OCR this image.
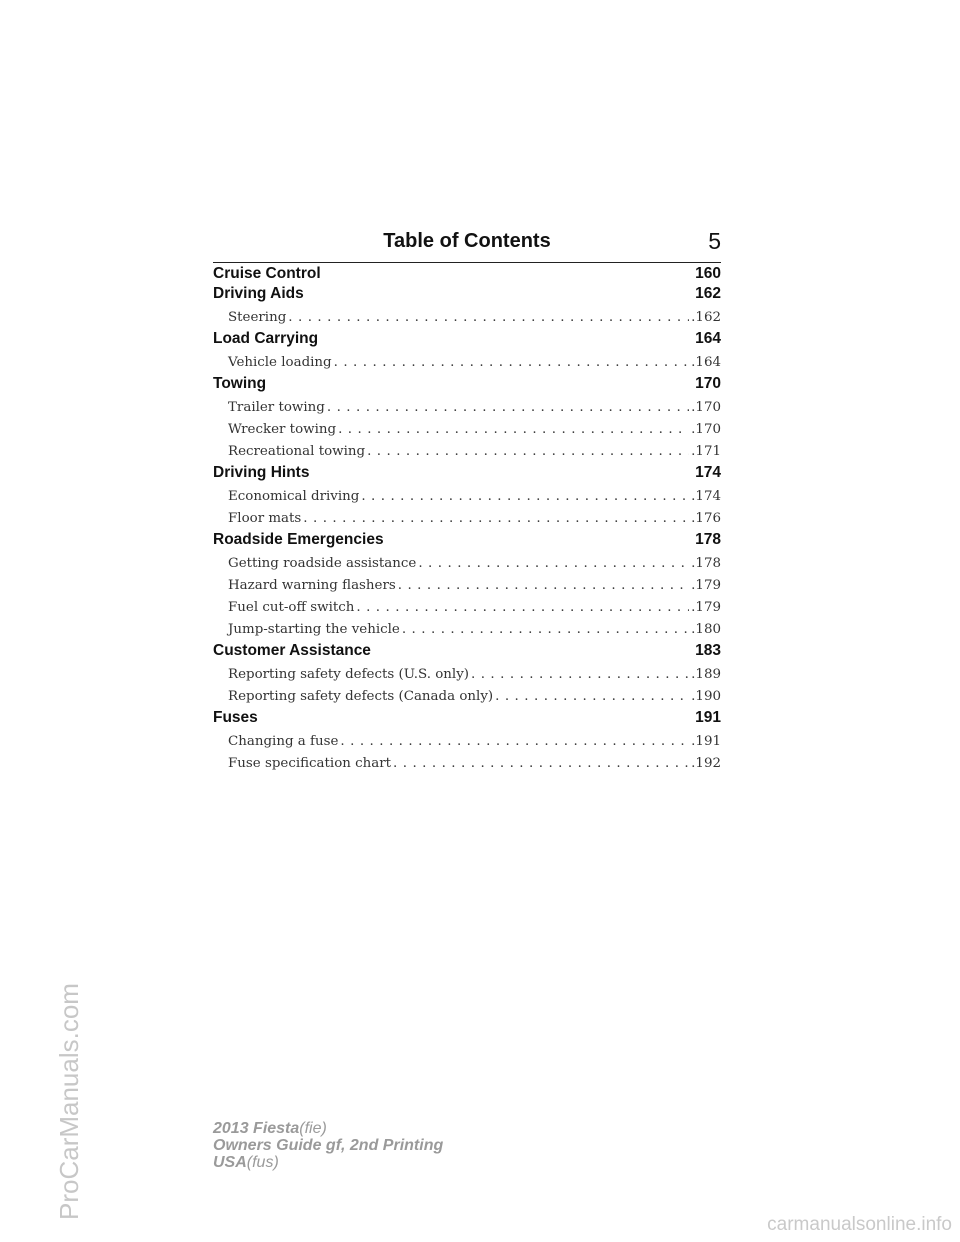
Table of Contents	5
Cruise Control	160
Driving Aids	162
Steering . . .	.162
Load Carrying	164
Vehicle loading . . .	.164
Towing	170
Trailer towing . . .	.170
Wrecker towing . . .	.170
Recreational towing . . .	.171
Driving Hints	174
Economical driving . . .	.174
Floor mats . . .	.176
Roadside Emergencies	178
Getting roadside assistance . . .	.178
Hazard warning flashers . . .	.179
Fuel cut-off switch . . .	.179
Jump-starting the vehicle . . .	.180
Customer Assistance	183
Reporting safety defects (U.S. only) . . .	.189
Reporting safety defects (Canada only) . . .	.190
Fuses	191
Changing a fuse . . .	.191
Fuse specification chart . . .	.192
ProCarManuals.com	2013 Fiesta(fie)
Owners Guide gf, 2nd Printing
USA(fus)
carmanualsonline.info
